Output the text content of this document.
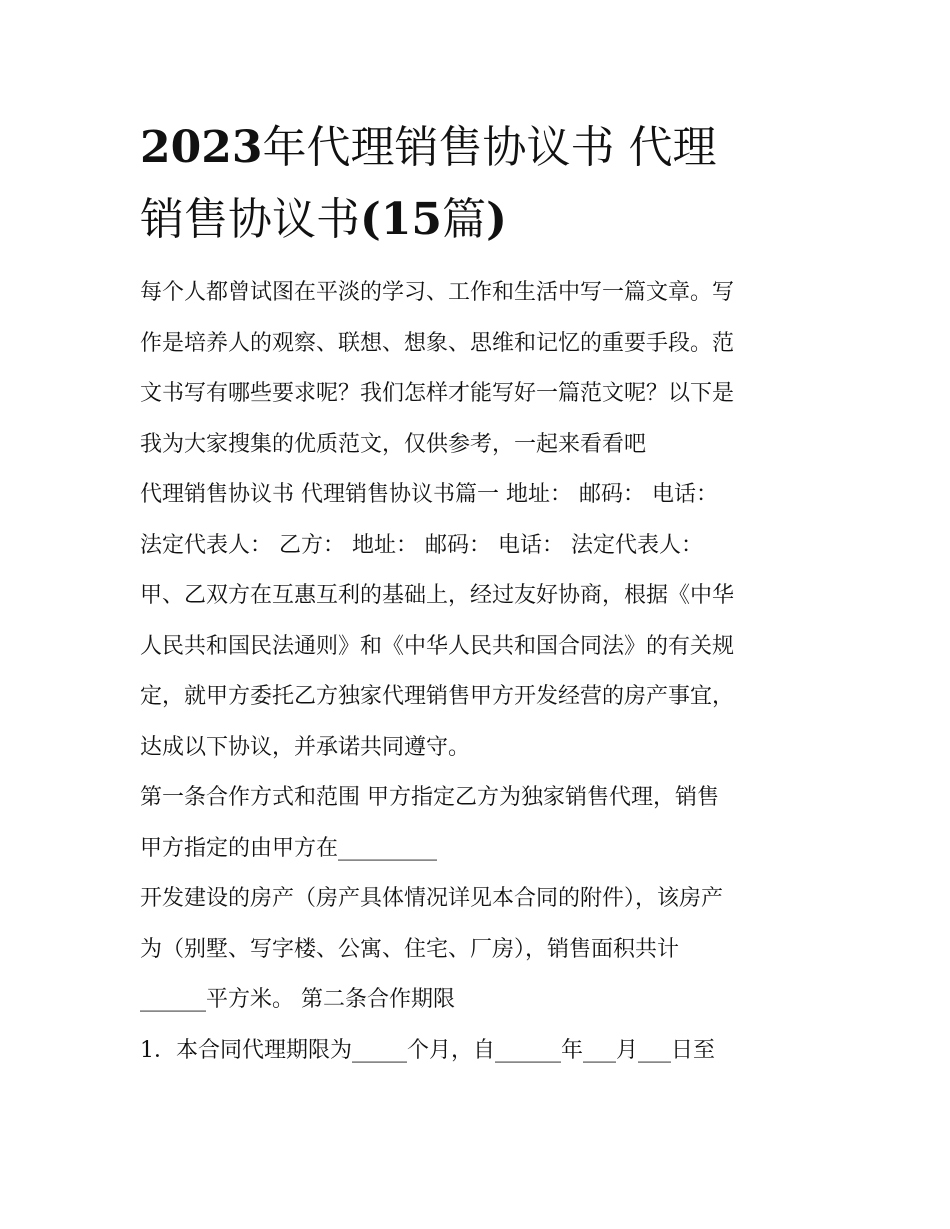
2023年代理销售协议书 代理
销售协议书(15篇)

每个人都曾试图在平淡的学习、工作和生活中写一篇文章。写

作是培养人的观察、联想、想象、思维和记忆的重要手段。范

文书写有哪些要求呢？我们怎样才能写好一篇范文呢？以下是

我为大家搜集的优质范文，仅供参考，一起来看看吧

代理销售协议书 代理销售协议书篇一 地址： 邮码： 电话：

法定代表人： 乙方： 地址： 邮码： 电话： 法定代表人：

甲、乙双方在互惠互利的基础上，经过友好协商，根据《中华

人民共和国民法通则》和《中华人民共和国合同法》的有关规

定，就甲方委托乙方独家代理销售甲方开发经营的房产事宜，

达成以下协议，并承诺共同遵守。

第一条合作方式和范围 甲方指定乙方为独家销售代理，销售

甲方指定的由甲方在_________

开发建设的房产（房产具体情况详见本合同的附件），该房产

为（别墅、写字楼、公寓、住宅、厂房），销售面积共计

______平方米。 第二条合作期限

1．本合同代理期限为_____个月，自______年___月___日至
